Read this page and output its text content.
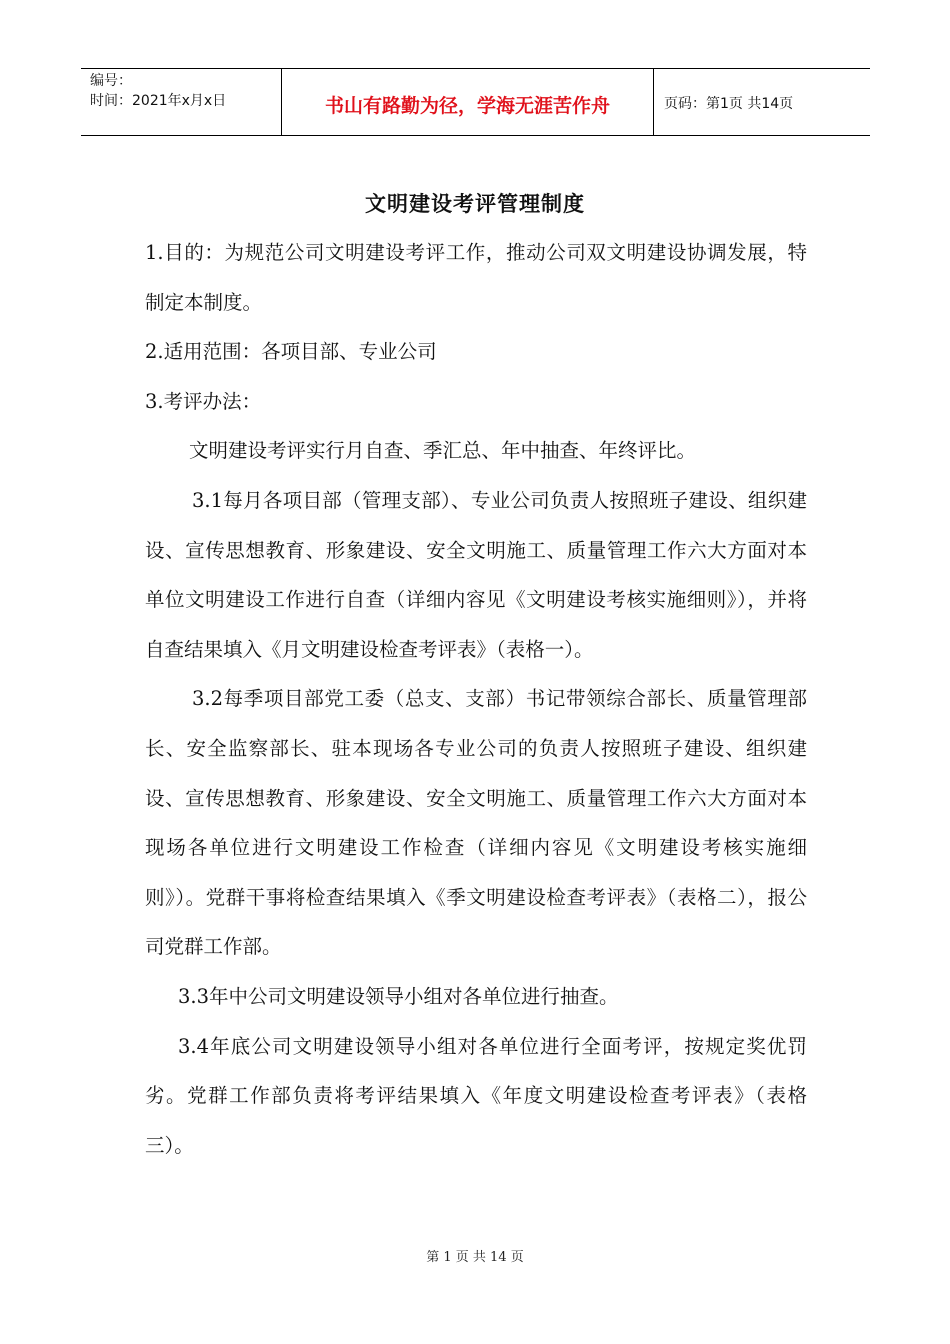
编号：
时间：2021年x月x日	书山有路勤为径，学海无涯苦作舟	页码：第1页 共14页
文明建设考评管理制度

1.目的：为规范公司文明建设考评工作，推动公司双文明建设协调发展，特制定本制度。

2.适用范围：各项目部、专业公司

3.考评办法：

文明建设考评实行月自查、季汇总、年中抽查、年终评比。

3.1每月各项目部（管理支部）、专业公司负责人按照班子建设、组织建设、宣传思想教育、形象建设、安全文明施工、质量管理工作六大方面对本单位文明建设工作进行自查（详细内容见《文明建设考核实施细则》），并将自查结果填入《月文明建设检查考评表》（表格一）。

3.2每季项目部党工委（总支、支部）书记带领综合部长、质量管理部长、安全监察部长、驻本现场各专业公司的负责人按照班子建设、组织建设、宣传思想教育、形象建设、安全文明施工、质量管理工作六大方面对本现场各单位进行文明建设工作检查（详细内容见《文明建设考核实施细则》）。党群干事将检查结果填入《季文明建设检查考评表》（表格二），报公司党群工作部。

3.3年中公司文明建设领导小组对各单位进行抽查。

3.4年底公司文明建设领导小组对各单位进行全面考评，按规定奖优罚劣。党群工作部负责将考评结果填入《年度文明建设检查考评表》（表格三）。

第 1 页 共 14 页
